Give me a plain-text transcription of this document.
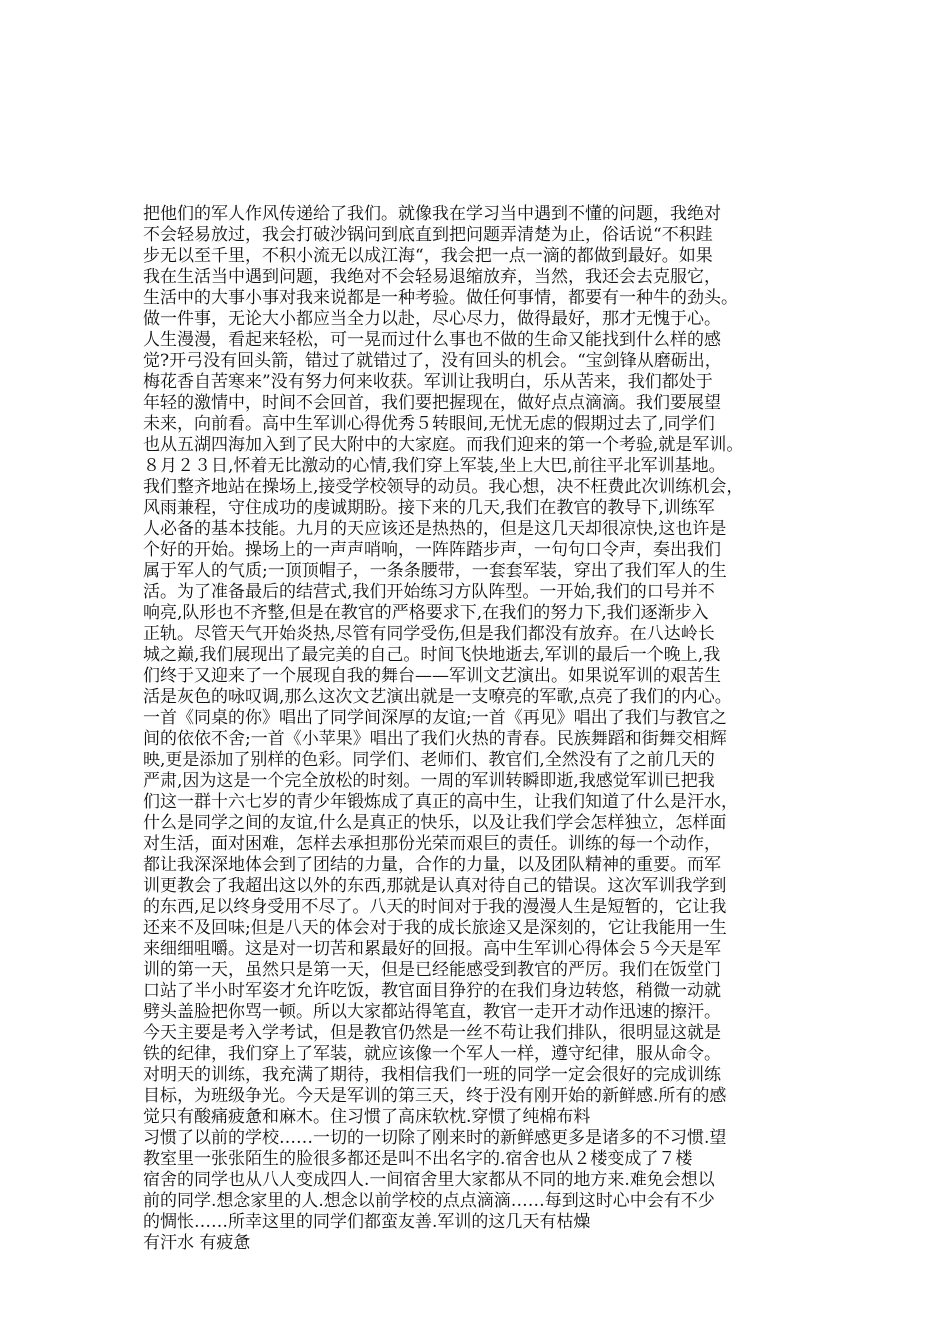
把他们的军人作风传递给了我们。就像我在学习当中遇到不懂的问题，我绝对
不会轻易放过，我会打破沙锅问到底直到把问题弄清楚为止，俗话说“不积跬
步无以至千里，不积小流无以成江海“，我会把一点一滴的都做到最好。如果
我在生活当中遇到问题，我绝对不会轻易退缩放弃，当然，我还会去克服它，
生活中的大事小事对我来说都是一种考验。做任何事情，都要有一种牛的劲头。
做一件事，无论大小都应当全力以赴，尽心尽力，做得最好，那才无愧于心。
人生漫漫，看起来轻松，可一晃而过什么事也不做的生命又能找到什么样的感
觉?开弓没有回头箭，错过了就错过了，没有回头的机会。“宝剑锋从磨砺出，
梅花香自苦寒来”没有努力何来收获。军训让我明白，乐从苦来，我们都处于
年轻的激情中，时间不会回首，我们要把握现在，做好点点滴滴。我们要展望
未来，向前看。高中生军训心得优秀５转眼间,无忧无虑的假期过去了,同学们
也从五湖四海加入到了民大附中的大家庭。而我们迎来的第一个考验,就是军训。
８月２３日,怀着无比激动的心情,我们穿上军装,坐上大巴,前往平北军训基地。
我们整齐地站在操场上,接受学校领导的动员。我心想，决不枉费此次训练机会，
风雨兼程，守住成功的虔诚期盼。接下来的几天,我们在教官的教导下,训练军
人必备的基本技能。九月的天应该还是热热的，但是这几天却很凉快,这也许是
个好的开始。操场上的一声声哨响，一阵阵踏步声，一句句口令声，奏出我们
属于军人的气质;一顶顶帽子，一条条腰带，一套套军装，穿出了我们军人的生
活。为了准备最后的结营式,我们开始练习方队阵型。一开始,我们的口号并不
响亮,队形也不齐整,但是在教官的严格要求下,在我们的努力下,我们逐渐步入
正轨。尽管天气开始炎热,尽管有同学受伤,但是我们都没有放弃。在八达岭长
城之巅,我们展现出了最完美的自己。时间飞快地逝去,军训的最后一个晚上,我
们终于又迎来了一个展现自我的舞台——军训文艺演出。如果说军训的艰苦生
活是灰色的咏叹调,那么这次文艺演出就是一支嘹亮的军歌,点亮了我们的内心。
一首《同桌的你》唱出了同学间深厚的友谊;一首《再见》唱出了我们与教官之
间的依依不舍;一首《小苹果》唱出了我们火热的青春。民族舞蹈和街舞交相辉
映,更是添加了别样的色彩。同学们、老师们、教官们,全然没有了之前几天的
严肃,因为这是一个完全放松的时刻。一周的军训转瞬即逝,我感觉军训已把我
们这一群十六七岁的青少年锻炼成了真正的高中生，让我们知道了什么是汗水，
什么是同学之间的友谊,什么是真正的快乐，以及让我们学会怎样独立，怎样面
对生活，面对困难，怎样去承担那份光荣而艰巨的责任。训练的每一个动作，
都让我深深地体会到了团结的力量，合作的力量，以及团队精神的重要。而军
训更教会了我超出这以外的东西,那就是认真对待自己的错误。这次军训我学到
的东西,足以终身受用不尽了。八天的时间对于我的漫漫人生是短暂的，它让我
还来不及回味;但是八天的体会对于我的成长旅途又是深刻的，它让我能用一生
来细细咀嚼。这是对一切苦和累最好的回报。高中生军训心得体会５今天是军
训的第一天，虽然只是第一天，但是已经能感受到教官的严厉。我们在饭堂门
口站了半小时军姿才允许吃饭，教官面目狰狞的在我们身边转悠，稍微一动就
劈头盖脸把你骂一顿。所以大家都站得笔直，教官一走开才动作迅速的擦汗。
今天主要是考入学考试，但是教官仍然是一丝不苟让我们排队，很明显这就是
铁的纪律，我们穿上了军装，就应该像一个军人一样，遵守纪律，服从命令。
对明天的训练，我充满了期待，我相信我们一班的同学一定会很好的完成训练
目标，为班级争光。今天是军训的第三天，终于没有刚开始的新鲜感.所有的感
觉只有酸痛疲惫和麻木。住习惯了高床软枕.穿惯了纯棉布料
习惯了以前的学校……一切的一切除了刚来时的新鲜感更多是诸多的不习惯.望
教室里一张张陌生的脸很多都还是叫不出名字的.宿舍也从２楼变成了７楼
宿舍的同学也从八人变成四人.一间宿舍里大家都从不同的地方来.难免会想以
前的同学.想念家里的人.想念以前学校的点点滴滴……每到这时心中会有不少
的惆怅……所幸这里的同学们都蛮友善.军训的这几天有枯燥
有汗水 有疲惫
